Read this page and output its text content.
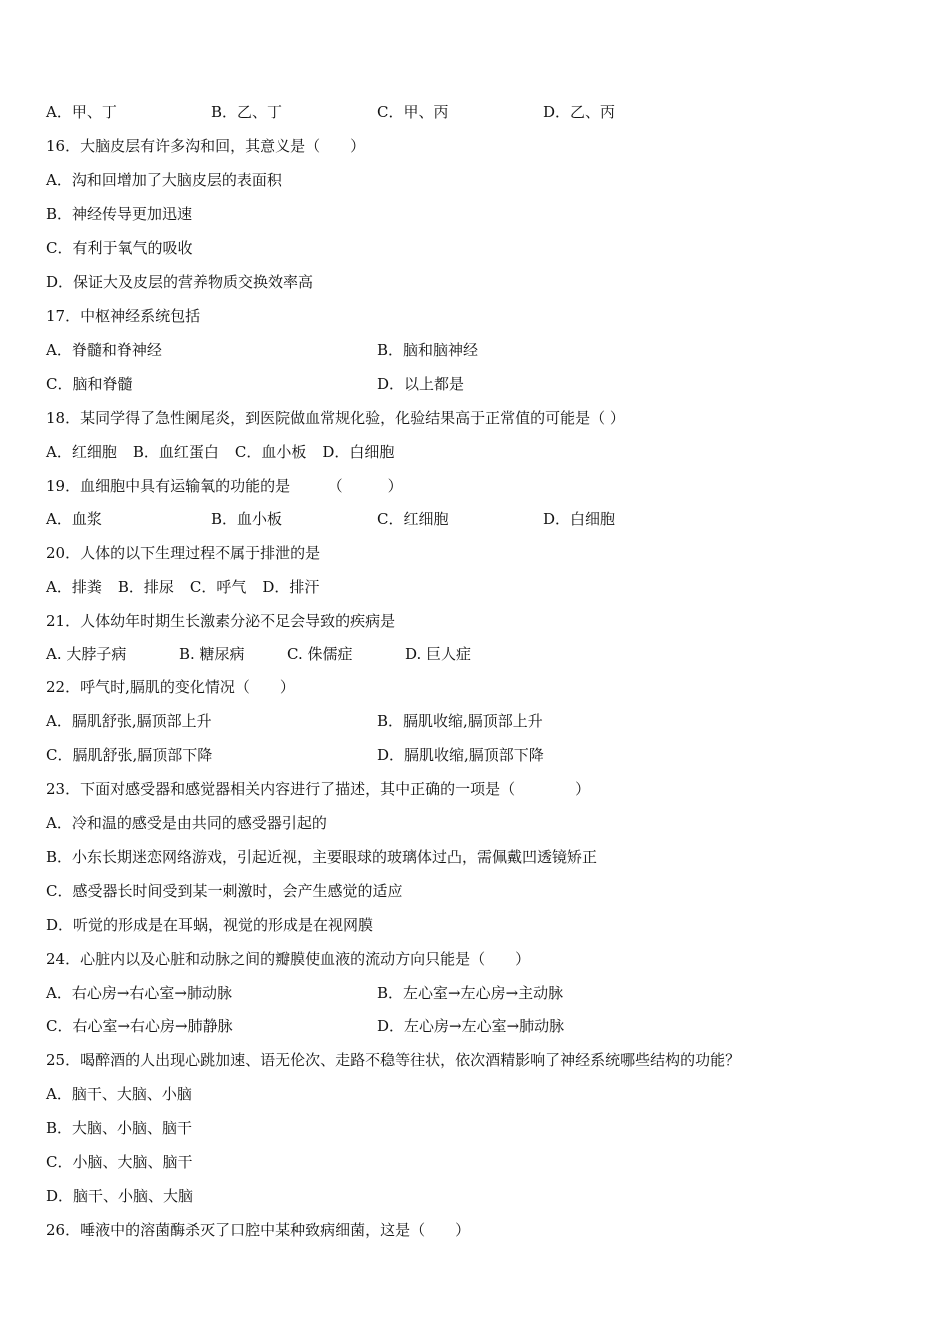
A．甲、丁	B．乙、丁	C．甲、丙	D．乙、丙
16．大脑皮层有许多沟和回，其意义是（　　）
A．沟和回增加了大脑皮层的表面积
B．神经传导更加迅速
C．有利于氧气的吸收
D．保证大及皮层的营养物质交换效率高
17．中枢神经系统包括
A．脊髓和脊神经	B．脑和脑神经
C．脑和脊髓	D．以上都是
18．某同学得了急性阑尾炎，到医院做血常规化验，化验结果高于正常值的可能是（ ）
A．红细胞 B．血红蛋白 C．血小板 D．白细胞
19．血细胞中具有运输氧的功能的是　　　（　　　）
A．血浆	B．血小板	C．红细胞	D．白细胞
20．人体的以下生理过程不属于排泄的是
A．排粪 B．排尿 C．呼气 D．排汗
21．人体幼年时期生长激素分泌不足会导致的疾病是
A. 大脖子病	B. 糖尿病	C. 侏儒症	D. 巨人症
22．呼气时,膈肌的变化情况（　　）
A．膈肌舒张,膈顶部上升	B．膈肌收缩,膈顶部上升
C．膈肌舒张,膈顶部下降	D．膈肌收缩,膈顶部下降
23．下面对感受器和感觉器相关内容进行了描述，其中正确的一项是（　　　　）
A．冷和温的感受是由共同的感受器引起的
B．小东长期迷恋网络游戏，引起近视，主要眼球的玻璃体过凸，需佩戴凹透镜矫正
C．感受器长时间受到某一刺激时，会产生感觉的适应
D．听觉的形成是在耳蜗，视觉的形成是在视网膜
24．心脏内以及心脏和动脉之间的瓣膜使血液的流动方向只能是（　　）
A．右心房→右心室→肺动脉	B．左心室→左心房→主动脉
C．右心室→右心房→肺静脉	D．左心房→左心室→肺动脉
25．喝醉酒的人出现心跳加速、语无伦次、走路不稳等往状，依次酒精影响了神经系统哪些结构的功能？
A．脑干、大脑、小脑
B．大脑、小脑、脑干
C．小脑、大脑、脑干
D．脑干、小脑、大脑
26．唾液中的溶菌酶杀灭了口腔中某种致病细菌，这是（　　）
